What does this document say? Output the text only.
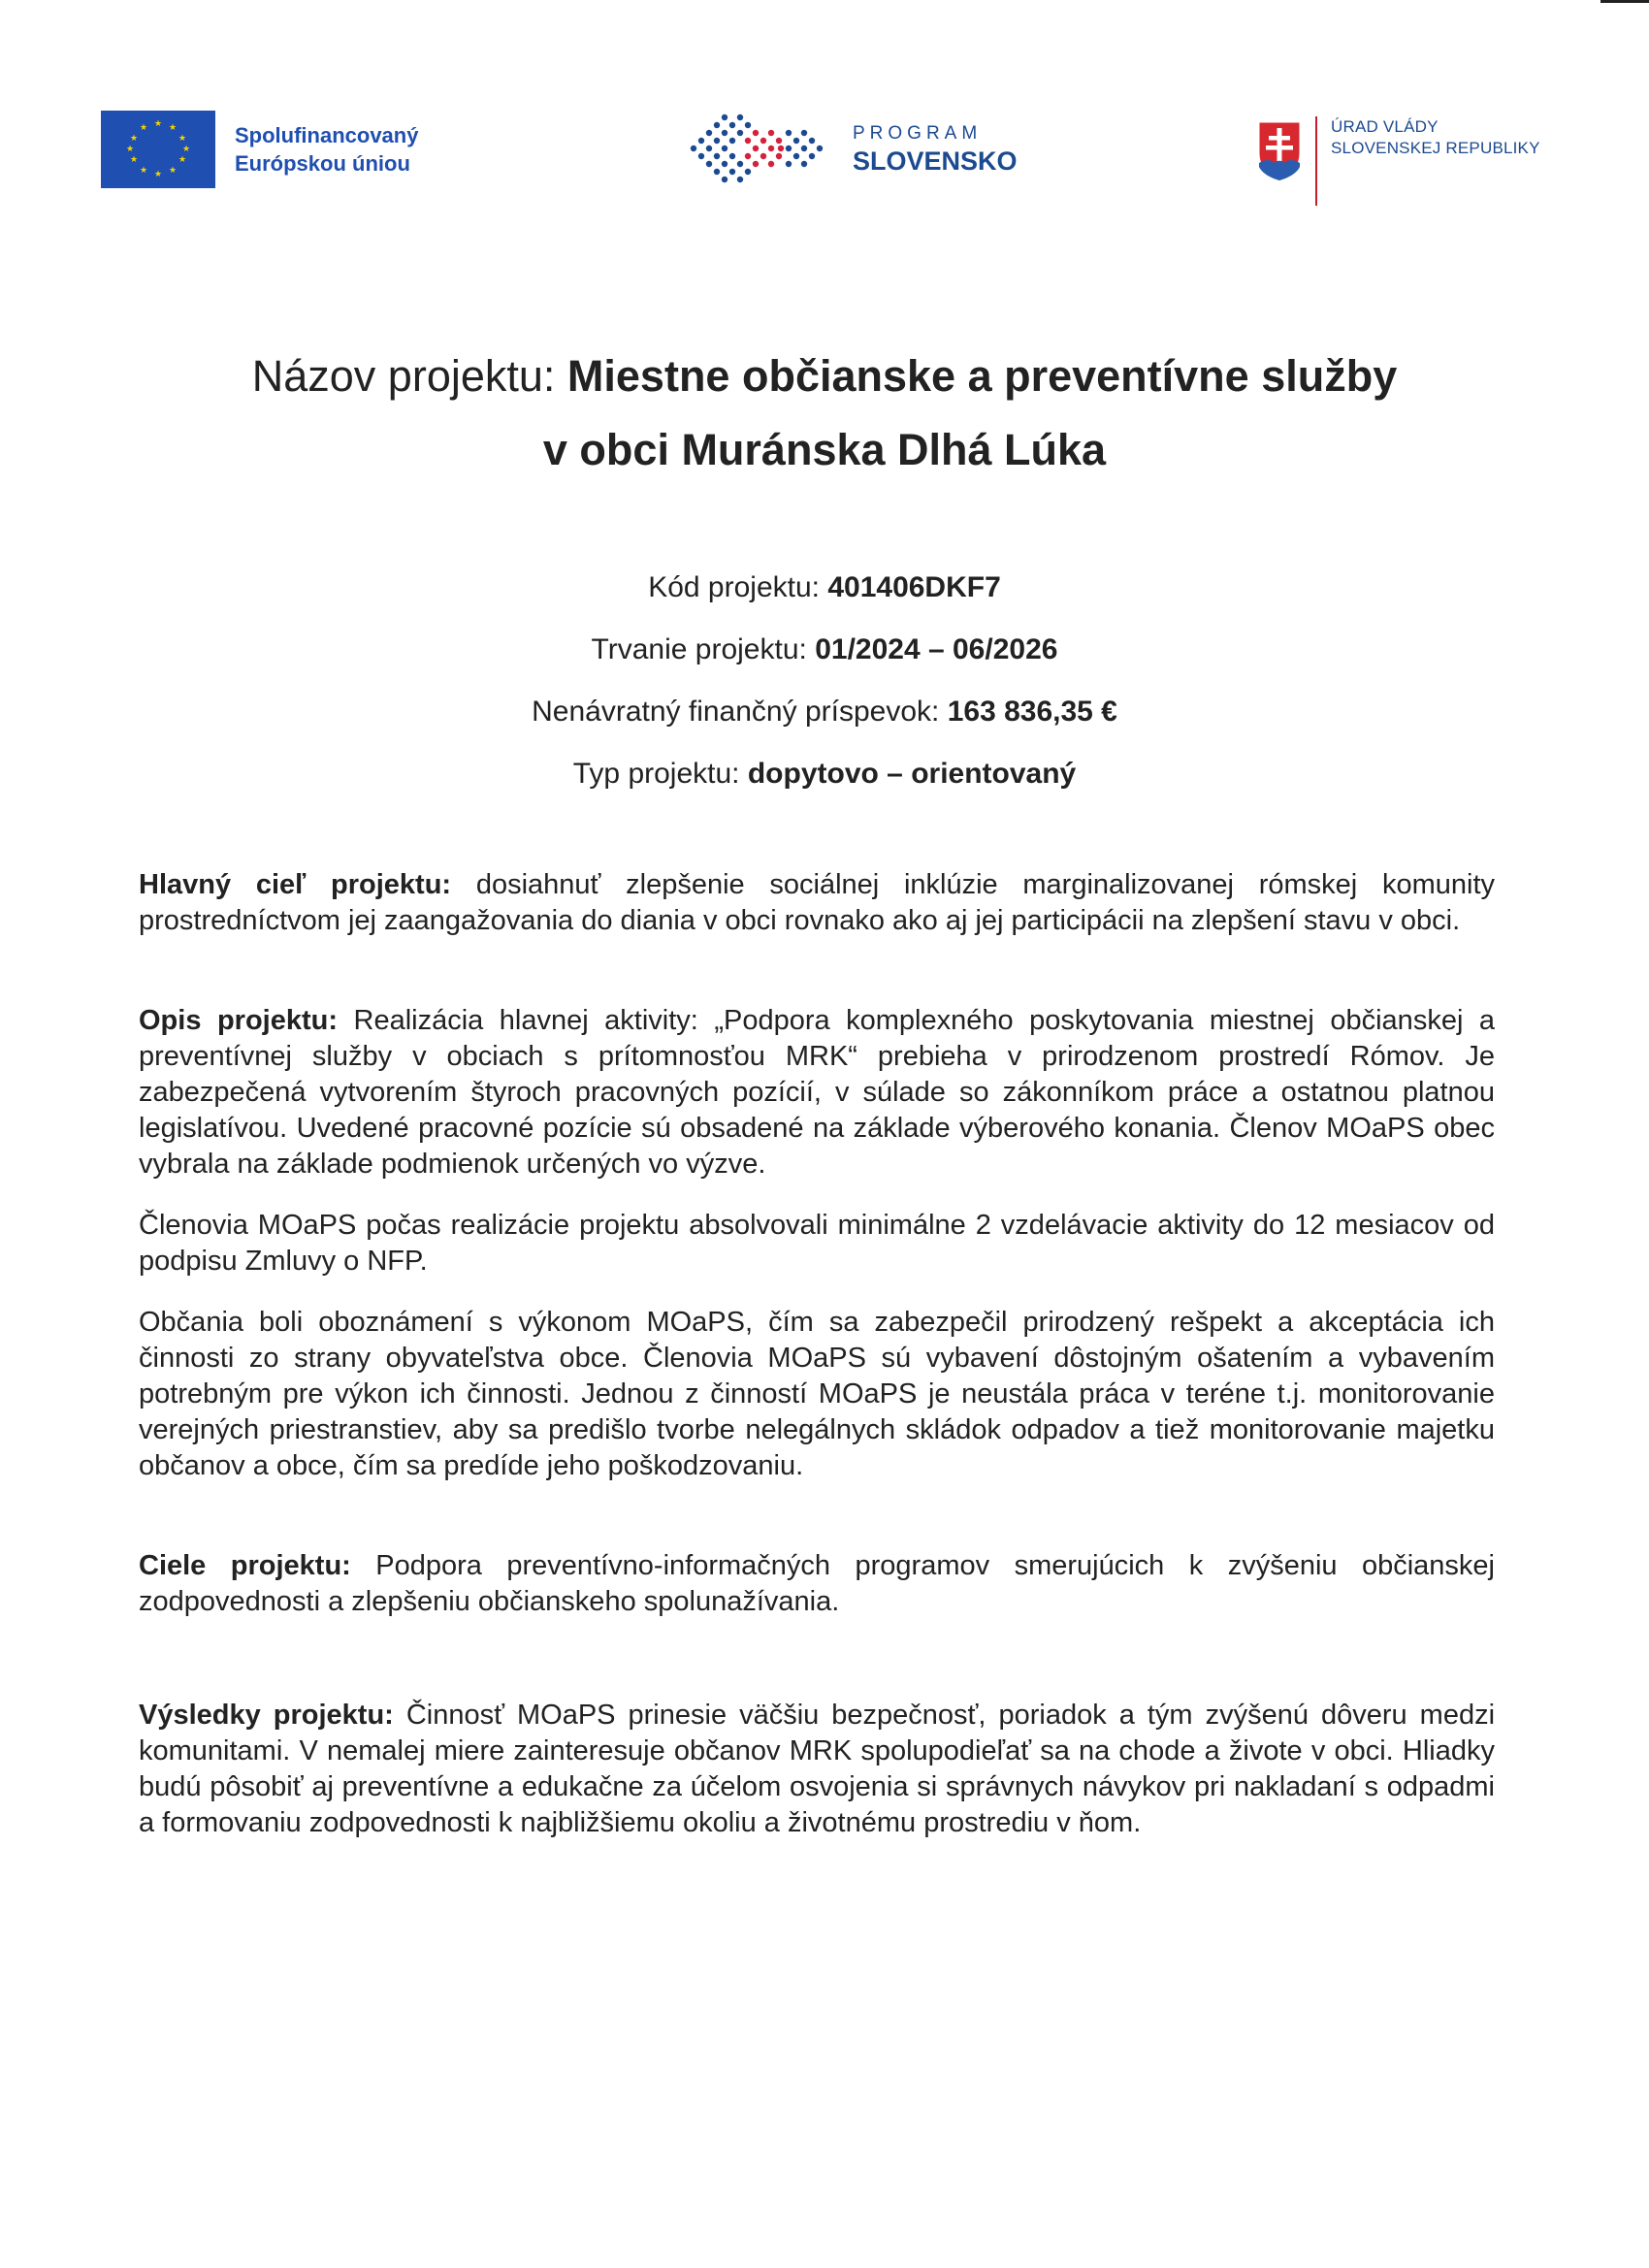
★ ★
★
★
★
★
★
★
★
★
★
★	Spolufinancovaný
Európskou úniou
PROGRAM
SLOVENSKO
ÚRAD VLÁDY
SLOVENSKEJ REPUBLIKY
Názov projektu: Miestne občianske a preventívne služby
v obci Muránska Dlhá Lúka
Kód projektu: 401406DKF7
Trvanie projektu: 01/2024 – 06/2026
Nenávratný finančný príspevok: 163 836,35 €
Typ projektu: dopytovo – orientovaný

Hlavný cieľ projektu: dosiahnuť zlepšenie sociálnej inklúzie marginalizovanej rómskej komunity prostredníctvom jej zaangažovania do diania v obci rovnako ako aj jej participácii na zlepšení stavu v obci.

Opis projektu: Realizácia hlavnej aktivity: „Podpora komplexného poskytovania miestnej občianskej a preventívnej služby v obciach s prítomnosťou MRK“ prebieha v prirodzenom prostredí Rómov. Je zabezpečená vytvorením štyroch pracovných pozícií, v súlade so zákonníkom práce a ostatnou platnou legislatívou. Uvedené pracovné pozície sú obsadené na základe výberového konania. Členov MOaPS obec vybrala na základe podmienok určených vo výzve.

Členovia MOaPS počas realizácie projektu absolvovali minimálne 2 vzdelávacie aktivity do 12 mesiacov od podpisu Zmluvy o NFP.

Občania boli oboznámení s výkonom MOaPS, čím sa zabezpečil prirodzený rešpekt a akceptácia ich činnosti zo strany obyvateľstva obce. Členovia MOaPS sú vybavení dôstojným ošatením a vybavením potrebným pre výkon ich činnosti. Jednou z činností MOaPS je neustála práca v teréne t.j. monitorovanie verejných priestranstiev, aby sa predišlo tvorbe nelegálnych skládok odpadov a tiež monitorovanie majetku občanov a obce, čím sa predíde jeho poškodzovaniu.

Ciele projektu: Podpora preventívno-informačných programov smerujúcich k zvýšeniu občianskej zodpovednosti a zlepšeniu občianskeho spolunažívania.

Výsledky projektu: Činnosť MOaPS prinesie väčšiu bezpečnosť, poriadok a tým zvýšenú dôveru medzi komunitami. V nemalej miere zainteresuje občanov MRK spolupodieľať sa na chode a živote v obci. Hliadky budú pôsobiť aj preventívne a edukačne za účelom osvojenia si správnych návykov pri nakladaní s odpadmi a formovaniu zodpovednosti k najbližšiemu okoliu a životnému prostrediu v ňom.
